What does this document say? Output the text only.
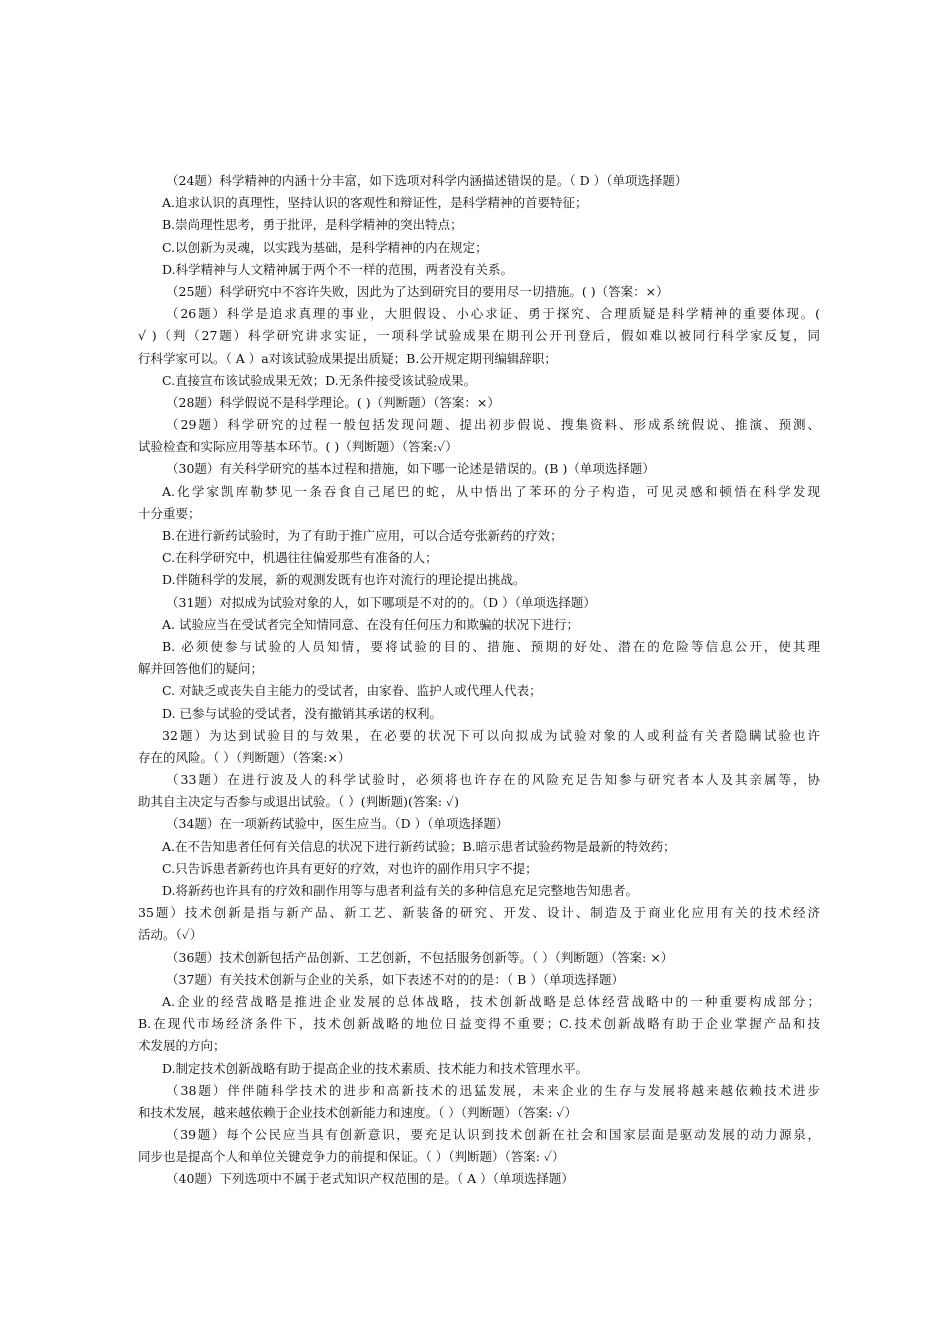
（24题）科学精神的内涵十分丰富，如下选项对科学内涵描述错误的是。（ D ）（单项选择题）
A.追求认识的真理性，坚持认识的客观性和辩证性，是科学精神的首要特征；
B.崇尚理性思考，勇于批评，是科学精神的突出特点；
C.以创新为灵魂，以实践为基础，是科学精神的内在规定；
D.科学精神与人文精神属于两个不一样的范围，两者没有关系。
（25题）科学研究中不容许失败，因此为了达到研究目的要用尽一切措施。( )（答案：×）
（26题）科学是追求真理的事业，大胆假设、小心求证、勇于探究、合理质疑是科学精神的重要体现。(
√ )（判（27题）科学研究讲求实证，一项科学试验成果在期刊公开刊登后，假如难以被同行科学家反复，同
行科学家可以。（ A ）a对该试验成果提出质疑；B.公开规定期刊编辑辞职；
C.直接宣布该试验成果无效；D.无条件接受该试验成果。
（28题）科学假说不是科学理论。( )（判断题）（答案：×）
（29题）科学研究的过程一般包括发现问题、提出初步假说、搜集资料、形成系统假说、推演、预测、
试验检查和实际应用等基本环节。( )（判断题）（答案:✓）
（30题）有关科学研究的基本过程和措施，如下哪一论述是错误的。(B )（单项选择题）
A.化学家凯库勒梦见一条吞食自己尾巴的蛇，从中悟出了苯环的分子构造，可见灵感和顿悟在科学发现
十分重要；
B.在进行新药试验时，为了有助于推广应用，可以合适夸张新药的疗效；
C.在科学研究中，机遇往往偏爱那些有准备的人；
D.伴随科学的发展，新的观测发既有也许对流行的理论提出挑战。
（31题）对拟成为试验对象的人，如下哪项是不对的的。（D ）（单项选择题）
A. 试验应当在受试者完全知情同意、在没有任何压力和欺骗的状况下进行；
B. 必须使参与试验的人员知情，要将试验的目的、措施、预期的好处、潜在的危险等信息公开，使其理
解并回答他们的疑问；
C. 对缺乏或丧失自主能力的受试者，由家眷、监护人或代理人代表；
D. 已参与试验的受试者，没有撤销其承诺的权利。
32题）为达到试验目的与效果，在必要的状况下可以向拟成为试验对象的人或利益有关者隐瞒试验也许
存在的风险。（ ）（判断题）（答案:×）
（33题）在进行波及人的科学试验时，必须将也许存在的风险充足告知参与研究者本人及其亲属等，协
助其自主决定与否参与或退出试验。（ ）(判断题)(答案: ✓)
（34题）在一项新药试验中，医生应当。（D ）（单项选择题）
A.在不告知患者任何有关信息的状况下进行新药试验；B.暗示患者试验药物是最新的特效药；
C.只告诉患者新药也许具有更好的疗效，对也许的副作用只字不提；
D.将新药也许具有的疗效和副作用等与患者利益有关的多种信息充足完整地告知患者。
35题）技术创新是指与新产品、新工艺、新装备的研究、开发、设计、制造及于商业化应用有关的技术经济
活动。（✓）
（36题）技术创新包括产品创新、工艺创新，不包括服务创新等。（ ）（判断题）（答案: ×）
（37题）有关技术创新与企业的关系，如下表述不对的的是：（ B ）（单项选择题）
A.企业的经营战略是推进企业发展的总体战略，技术创新战略是总体经营战略中的一种重要构成部分；
B.在现代市场经济条件下，技术创新战略的地位日益变得不重要；C.技术创新战略有助于企业掌握产品和技
术发展的方向；
D.制定技术创新战略有助于提高企业的技术素质、技术能力和技术管理水平。
（38题）伴伴随科学技术的进步和高新技术的迅猛发展，未来企业的生存与发展将越来越依赖技术进步
和技术发展，越来越依赖于企业技术创新能力和速度。（ ）（判断题）（答案: ✓）
（39题）每个公民应当具有创新意识，要充足认识到技术创新在社会和国家层面是驱动发展的动力源泉，
同步也是提高个人和单位关键竞争力的前提和保证。（ ）（判断题）（答案: ✓）
（40题）下列选项中不属于老式知识产权范围的是。（ A ）（单项选择题）
